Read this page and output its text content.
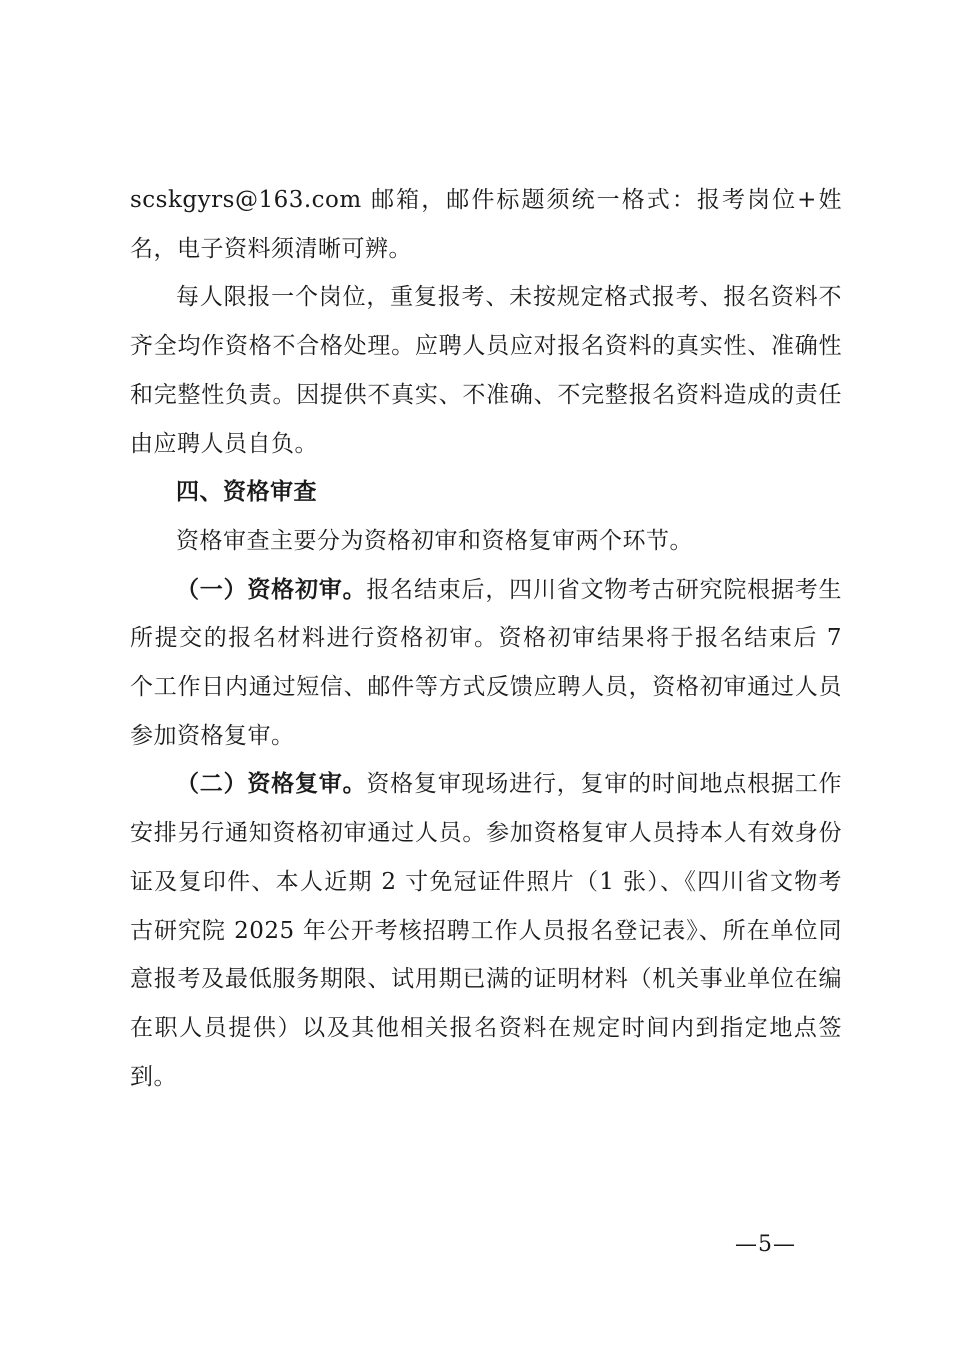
scskgyrs@163.com 邮箱，邮件标题须统一格式：报考岗位+姓名，电子资料须清晰可辨。

每人限报一个岗位，重复报考、未按规定格式报考、报名资料不齐全均作资格不合格处理。应聘人员应对报名资料的真实性、准确性和完整性负责。因提供不真实、不准确、不完整报名资料造成的责任由应聘人员自负。

四、资格审查

资格审查主要分为资格初审和资格复审两个环节。

（一）资格初审。报名结束后，四川省文物考古研究院根据考生所提交的报名材料进行资格初审。资格初审结果将于报名结束后 7 个工作日内通过短信、邮件等方式反馈应聘人员，资格初审通过人员参加资格复审。

（二）资格复审。资格复审现场进行，复审的时间地点根据工作安排另行通知资格初审通过人员。参加资格复审人员持本人有效身份证及复印件、本人近期 2 寸免冠证件照片（1 张）、《四川省文物考古研究院 2025 年公开考核招聘工作人员报名登记表》、所在单位同意报考及最低服务期限、试用期已满的证明材料（机关事业单位在编在职人员提供）以及其他相关报名资料在规定时间内到指定地点签到。

—5—
